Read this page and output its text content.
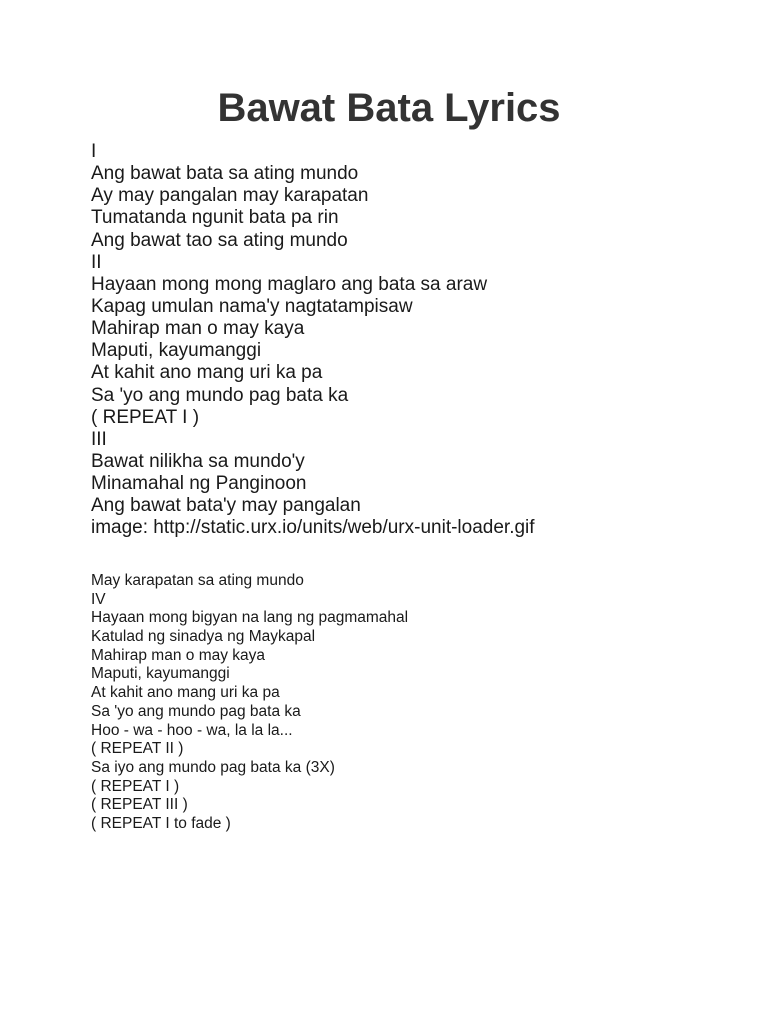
Bawat Bata Lyrics
I
Ang bawat bata sa ating mundo
Ay may pangalan may karapatan
Tumatanda ngunit bata pa rin
Ang bawat tao sa ating mundo
II
Hayaan mong mong maglaro ang bata sa araw
Kapag umulan nama'y nagtatampisaw
Mahirap man o may kaya
Maputi, kayumanggi
At kahit ano mang uri ka pa
Sa 'yo ang mundo pag bata ka
( REPEAT I )
III
Bawat nilikha sa mundo'y
Minamahal ng Panginoon
Ang bawat bata'y may pangalan
image: http://static.urx.io/units/web/urx-unit-loader.gif
May karapatan sa ating mundo
IV
Hayaan mong bigyan na lang ng pagmamahal
Katulad ng sinadya ng Maykapal
Mahirap man o may kaya
Maputi, kayumanggi
At kahit ano mang uri ka pa
Sa 'yo ang mundo pag bata ka
Hoo - wa - hoo - wa, la la la...
( REPEAT II )
Sa iyo ang mundo pag bata ka (3X)
( REPEAT I )
( REPEAT III )
( REPEAT I to fade )
